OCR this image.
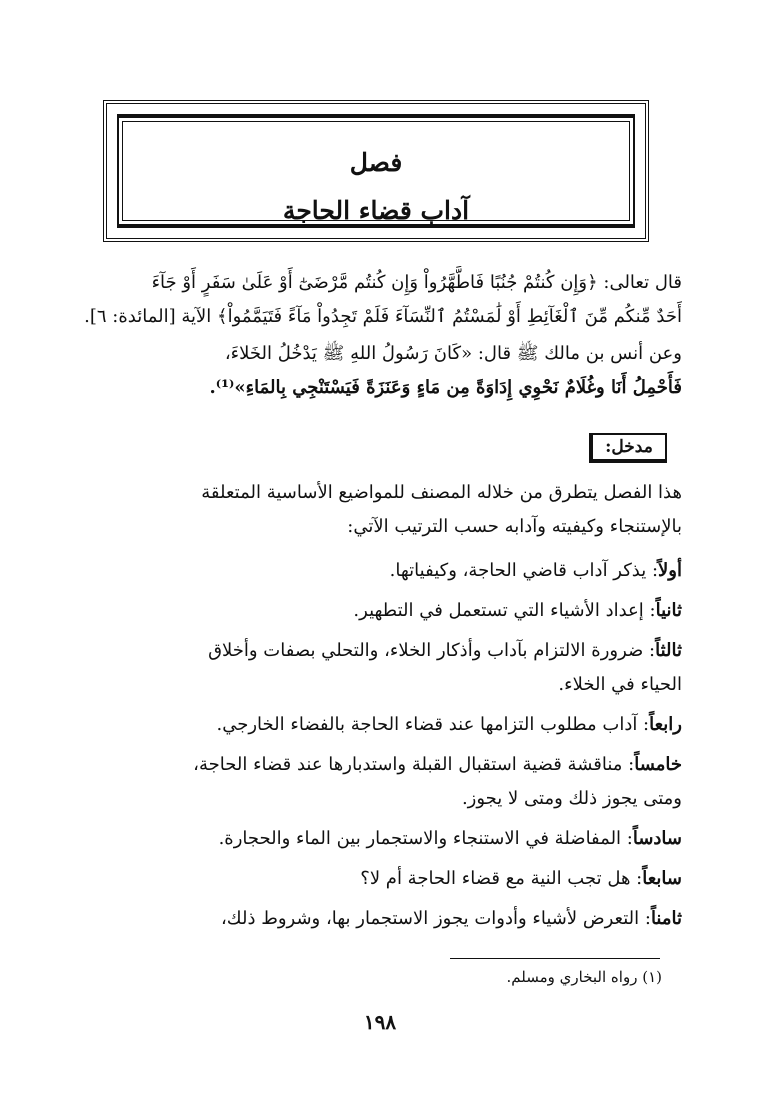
فصل
آداب قضاء الحاجة
قال تعالى: ﴿وَإِن كُنتُمْ جُنُبًا فَاطَّهَّرُواْ وَإِن كُنتُم مَّرْضَىٰٓ أَوْ عَلَىٰ سَفَرٍ أَوْ جَآءَ
أَحَدٌ مِّنكُم مِّنَ ٱلْغَآئِطِ أَوْ لَٰمَسْتُمُ ٱلنِّسَآءَ فَلَمْ تَجِدُواْ مَآءً فَتَيَمَّمُواْ﴾ الآية [المائدة: ٦].
وعن أنس بن مالك ﷺ قال: «كَانَ رَسُولُ اللهِ ﷺ يَدْخُلُ الخَلاءَ،
فَأَحْمِلُ أَنَا وغُلَامٌ نَحْوِي إِدَاوَةً مِن مَاءٍ وَعَنَزَةً فَيَسْتَنْجِي بِالمَاءِ»⁽¹⁾.
مدخل:
هذا الفصل يتطرق من خلاله المصنف للمواضيع الأساسية المتعلقة
بالإستنجاء وكيفيته وآدابه حسب الترتيب الآتي:
أولاً: يذكر آداب قاضي الحاجة، وكيفياتها.
ثانياً: إعداد الأشياء التي تستعمل في التطهير.
ثالثاً: ضرورة الالتزام بآداب وأذكار الخلاء، والتحلي بصفات وأخلاق
الحياء في الخلاء.
رابعاً: آداب مطلوب التزامها عند قضاء الحاجة بالفضاء الخارجي.
خامساً: مناقشة قضية استقبال القبلة واستدبارها عند قضاء الحاجة،
ومتى يجوز ذلك ومتى لا يجوز.
سادساً: المفاضلة في الاستنجاء والاستجمار بين الماء والحجارة.
سابعاً: هل تجب النية مع قضاء الحاجة أم لا؟
ثامناً: التعرض لأشياء وأدوات يجوز الاستجمار بها، وشروط ذلك،
(١) رواه البخاري ومسلم.
١٩٨
